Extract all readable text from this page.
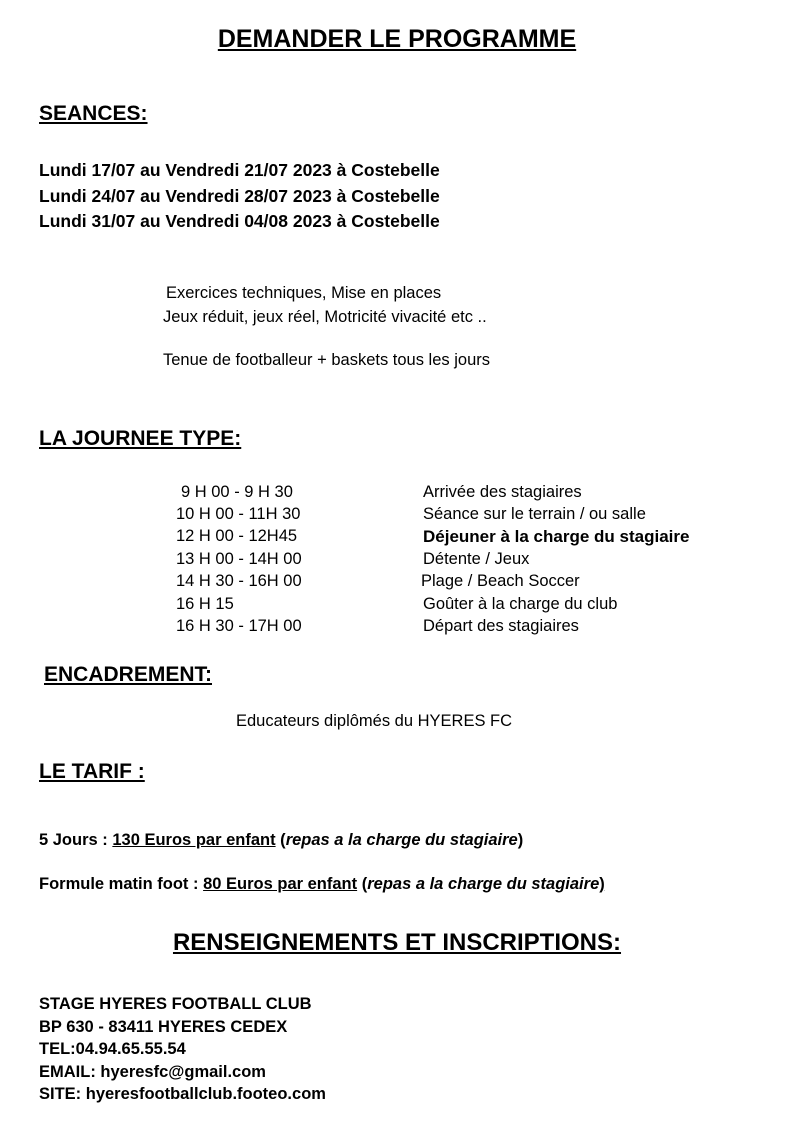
DEMANDER LE PROGRAMME
SEANCES:
Lundi 17/07 au Vendredi 21/07 2023 à Costebelle
Lundi 24/07 au Vendredi 28/07 2023 à Costebelle
Lundi 31/07 au Vendredi 04/08 2023 à Costebelle
Exercices techniques, Mise en places
Jeux réduit, jeux réel, Motricité vivacité etc ..
Tenue de footballeur + baskets tous les jours
LA JOURNEE TYPE:
9 H 00 - 9 H 30	Arrivée des stagiaires
10 H 00 - 11H 30	Séance sur le terrain / ou salle
12 H 00 - 12H45	Déjeuner à la charge du stagiaire
13 H 00 - 14H 00	Détente / Jeux
14 H 30 - 16H 00	Plage / Beach Soccer
16 H 15	Goûter à la charge du club
16 H 30 - 17H 00	Départ des stagiaires
ENCADREMENT:
Educateurs diplômés du HYERES FC
LE TARIF :
5 Jours : 130 Euros par enfant (repas a la charge du stagiaire)
Formule matin foot : 80 Euros par enfant (repas a la charge du stagiaire)
RENSEIGNEMENTS ET INSCRIPTIONS:
STAGE HYERES FOOTBALL CLUB
BP 630 - 83411 HYERES CEDEX
TEL:04.94.65.55.54
EMAIL: hyeresfc@gmail.com
SITE: hyeresfootballclub.footeo.com
